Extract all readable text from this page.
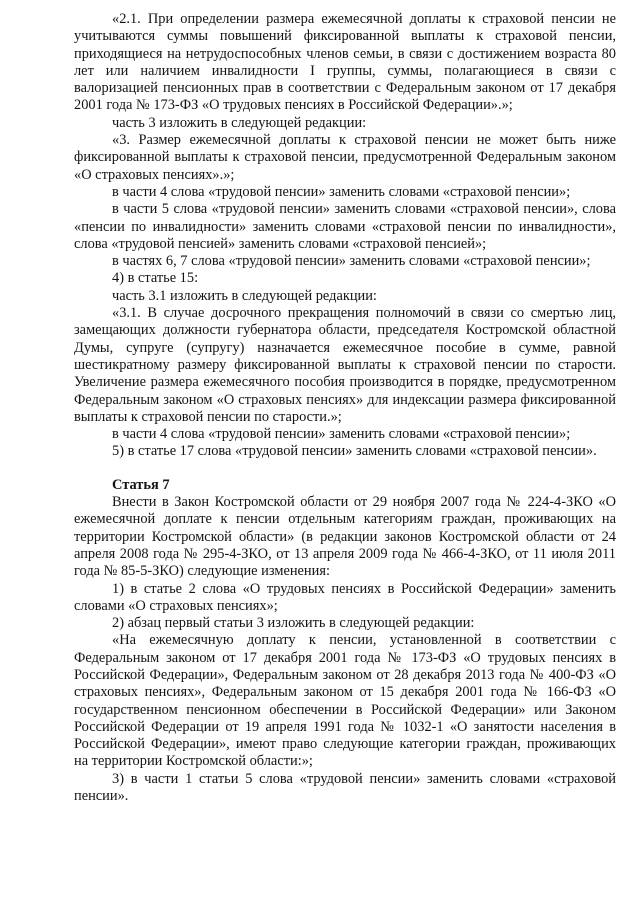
«2.1. При определении размера ежемесячной доплаты к страховой пенсии не учитываются суммы повышений фиксированной выплаты к страховой пенсии, приходящиеся на нетрудоспособных членов семьи, в связи с достижением возраста 80 лет или наличием инвалидности I группы, суммы, полагающиеся в связи с валоризацией пенсионных прав в соответствии с Федеральным законом от 17 декабря 2001 года № 173-ФЗ «О трудовых пенсиях в Российской Федерации».»;

часть 3 изложить в следующей редакции:

«3. Размер ежемесячной доплаты к страховой пенсии не может быть ниже фиксированной выплаты к страховой пенсии, предусмотренной Федеральным законом «О страховых пенсиях».»;

в части 4 слова «трудовой пенсии» заменить словами «страховой пенсии»;

в части 5 слова «трудовой пенсии» заменить словами «страховой пенсии», слова «пенсии по инвалидности» заменить словами «страховой пенсии по инвалидности», слова «трудовой пенсией» заменить словами «страховой пенсией»;

в частях 6, 7 слова «трудовой пенсии» заменить словами «страховой пенсии»;

4) в статье 15:

часть 3.1 изложить в следующей редакции:

«3.1. В случае досрочного прекращения полномочий в связи со смертью лиц, замещающих должности губернатора области, председателя Костромской областной Думы, супруге (супругу) назначается ежемесячное пособие в сумме, равной шестикратному размеру фиксированной выплаты к страховой пенсии по старости. Увеличение размера ежемесячного пособия производится в порядке, предусмотренном Федеральным законом «О страховых пенсиях» для индексации размера фиксированной выплаты к страховой пенсии по старости.»;

в части 4 слова «трудовой пенсии» заменить словами «страховой пенсии»;

5) в статье 17 слова «трудовой пенсии» заменить словами «страховой пенсии».

Статья 7

Внести в Закон Костромской области от 29 ноября 2007 года № 224-4-ЗКО «О ежемесячной доплате к пенсии отдельным категориям граждан, проживающих на территории Костромской области» (в редакции законов Костромской области от 24 апреля 2008 года № 295-4-ЗКО, от 13 апреля 2009 года № 466-4-ЗКО, от 11 июля 2011 года № 85-5-ЗКО) следующие изменения:

1) в статье 2 слова «О трудовых пенсиях в Российской Федерации» заменить словами «О страховых пенсиях»;

2) абзац первый статьи 3 изложить в следующей редакции:

«На ежемесячную доплату к пенсии, установленной в соответствии с Федеральным законом от 17 декабря 2001 года № 173-ФЗ «О трудовых пенсиях в Российской Федерации», Федеральным законом от 28 декабря 2013 года № 400-ФЗ «О страховых пенсиях», Федеральным законом от 15 декабря 2001 года № 166-ФЗ «О государственном пенсионном обеспечении в Российской Федерации» или Законом Российской Федерации от 19 апреля 1991 года № 1032-1 «О занятости населения в Российской Федерации», имеют право следующие категории граждан, проживающих на территории Костромской области:»;

3) в части 1 статьи 5 слова «трудовой пенсии» заменить словами «страховой пенсии».
